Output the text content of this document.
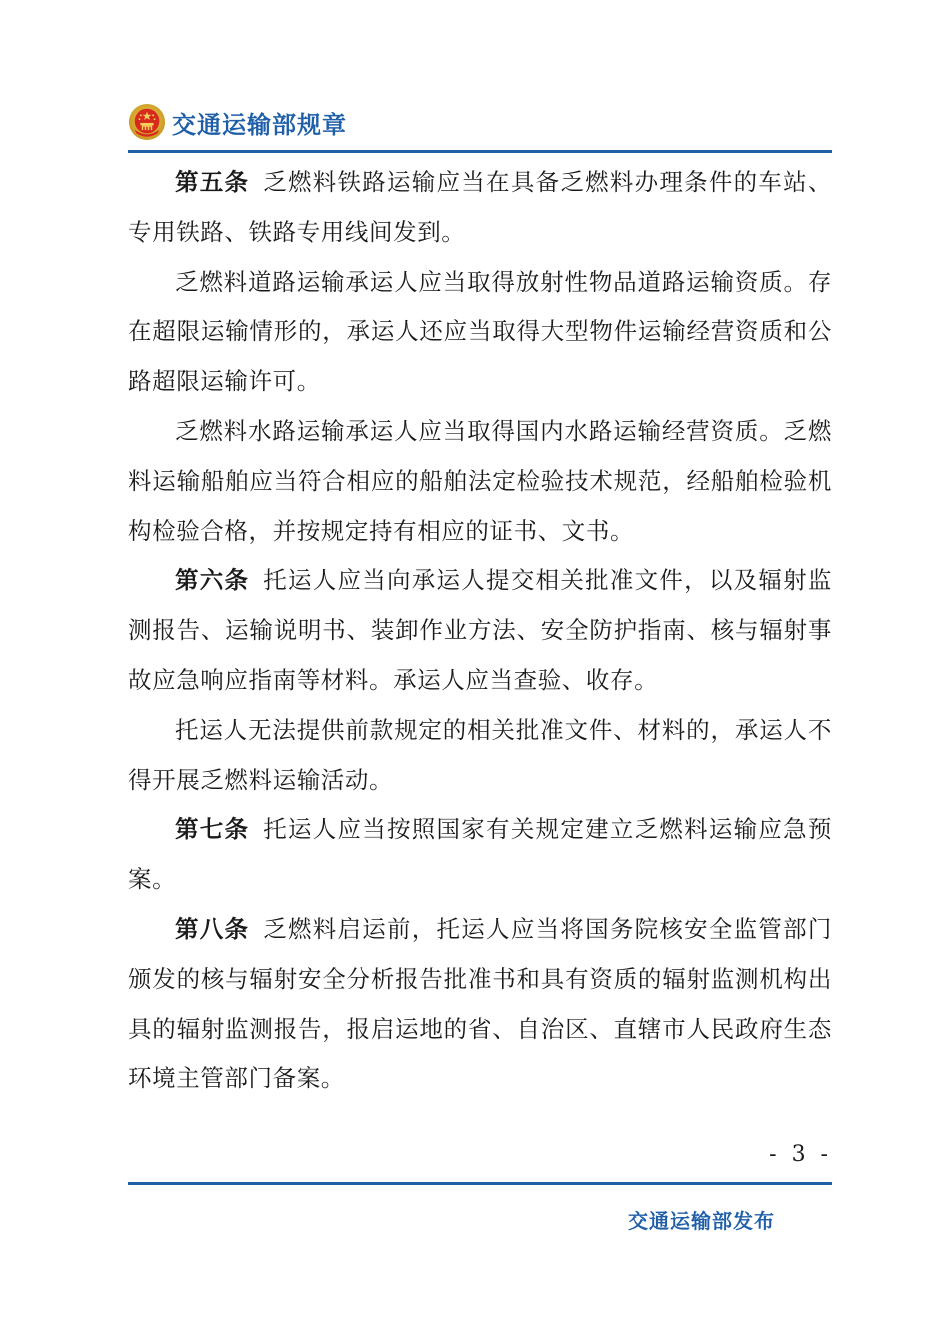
交通运输部规章

第五条 乏燃料铁路运输应当在具备乏燃料办理条件的车站、专用铁路、铁路专用线间发到。

乏燃料道路运输承运人应当取得放射性物品道路运输资质。存在超限运输情形的，承运人还应当取得大型物件运输经营资质和公路超限运输许可。

乏燃料水路运输承运人应当取得国内水路运输经营资质。乏燃料运输船舶应当符合相应的船舶法定检验技术规范，经船舶检验机构检验合格，并按规定持有相应的证书、文书。

第六条 托运人应当向承运人提交相关批准文件，以及辐射监测报告、运输说明书、装卸作业方法、安全防护指南、核与辐射事故应急响应指南等材料。承运人应当查验、收存。

托运人无法提供前款规定的相关批准文件、材料的，承运人不得开展乏燃料运输活动。

第七条 托运人应当按照国家有关规定建立乏燃料运输应急预案。

第八条 乏燃料启运前，托运人应当将国务院核安全监管部门颁发的核与辐射安全分析报告批准书和具有资质的辐射监测机构出具的辐射监测报告，报启运地的省、自治区、直辖市人民政府生态环境主管部门备案。

- 3 -
交通运输部发布
